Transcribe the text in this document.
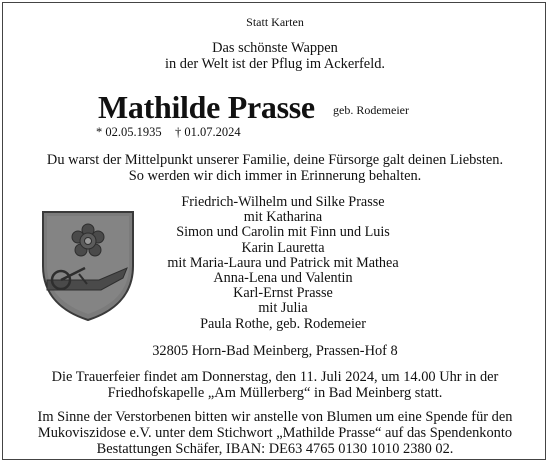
Statt Karten
Das schönste Wappen
in der Welt ist der Pflug im Ackerfeld.
Mathilde Prasse geb. Rodemeier
* 02.05.1935 † 01.07.2024
Du warst der Mittelpunkt unserer Familie, deine Fürsorge galt deinen Liebsten.
So werden wir dich immer in Erinnerung behalten.
Friedrich-Wilhelm und Silke Prasse
mit Katharina
Simon und Carolin mit Finn und Luis
Karin Lauretta
mit Maria-Laura und Patrick mit Mathea
Anna-Lena und Valentin
Karl-Ernst Prasse
mit Julia
Paula Rothe, geb. Rodemeier
32805 Horn-Bad Meinberg, Prassen-Hof 8
Die Trauerfeier findet am Donnerstag, den 11. Juli 2024, um 14.00 Uhr in der
Friedhofskapelle „Am Müllerberg“ in Bad Meinberg statt.
Im Sinne der Verstorbenen bitten wir anstelle von Blumen um eine Spende für den
Mukoviszidose e.V. unter dem Stichwort „Mathilde Prasse“ auf das Spendenkonto
Bestattungen Schäfer, IBAN: DE63 4765 0130 1010 2380 02.
